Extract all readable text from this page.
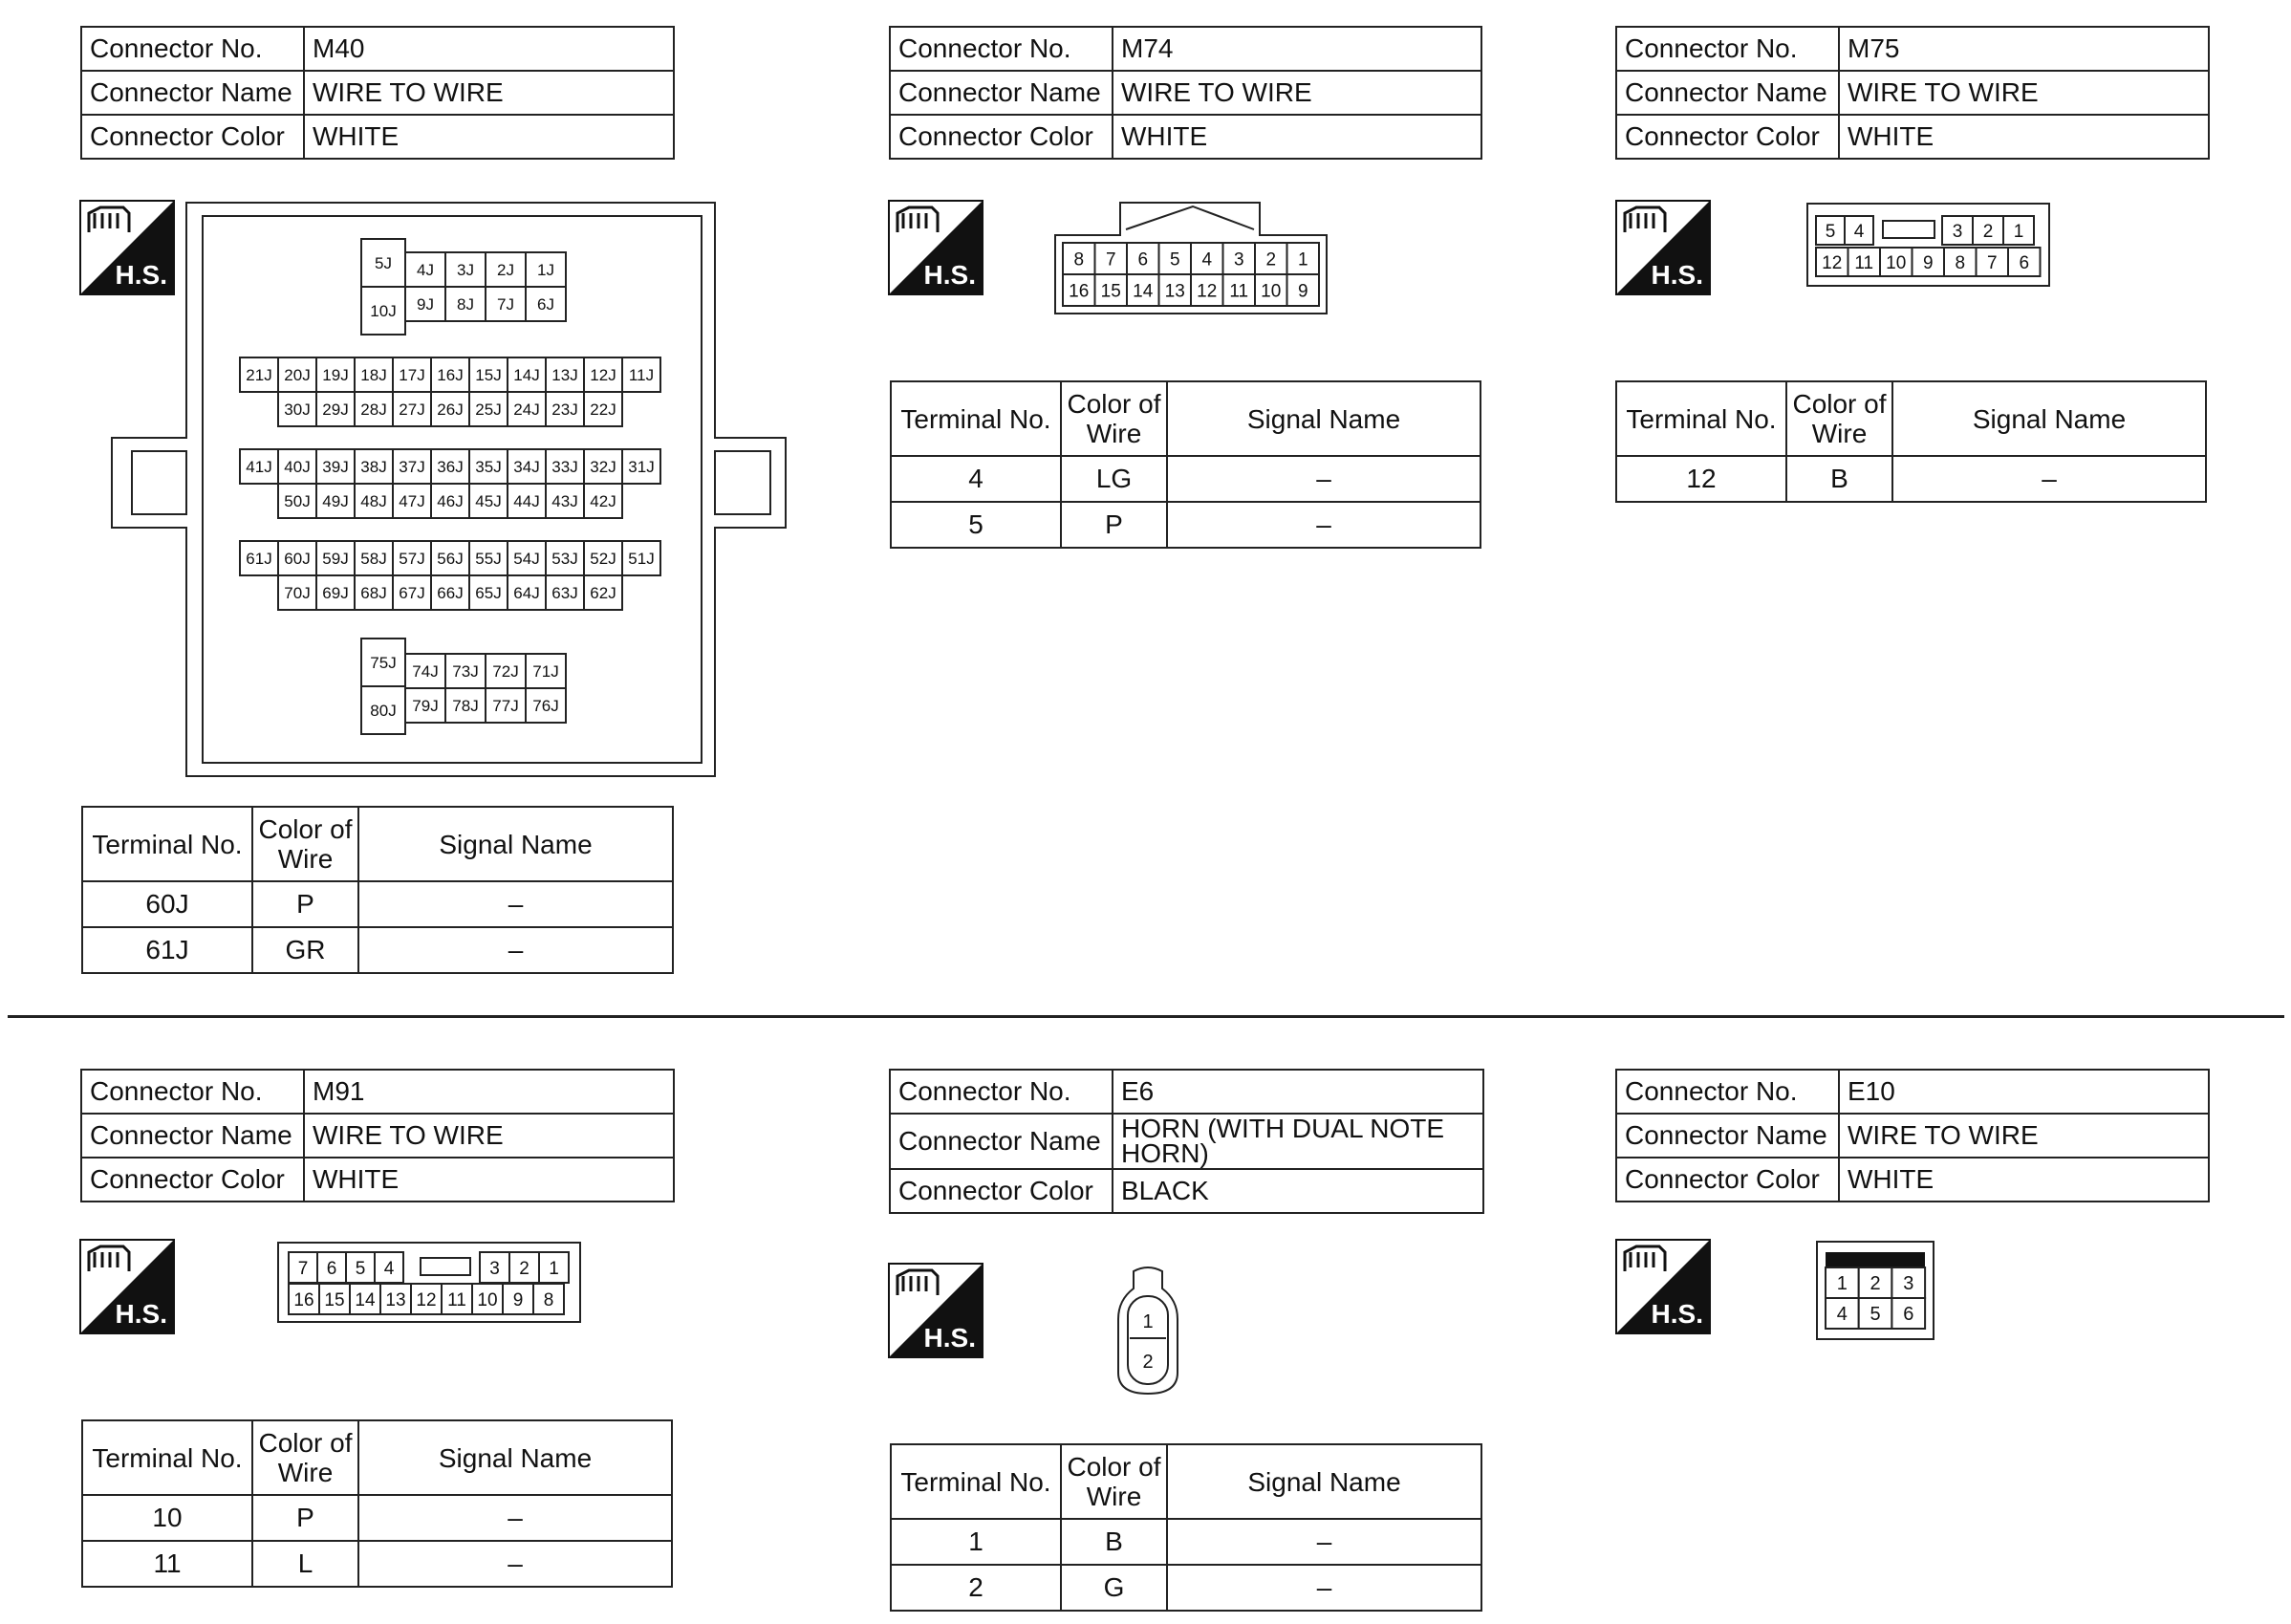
Connector No.	M40
Connector Name	WIRE TO WIRE
Connector Color	WHITE
H.S.	5J
10J
4J 3J 2J 1J
9J 8J 7J 6J
21J 20J 19J 18J 17J 16J 15J 14J 13J 12J 11J
30J 29J 28J 27J 26J 25J 24J 23J 22J
41J 40J 39J 38J 37J 36J 35J 34J 33J 32J 31J
50J 49J 48J 47J 46J 45J 44J 43J 42J
61J 60J 59J 58J 57J 56J 55J 54J 53J 52J 51J
70J 69J 68J 67J 66J 65J 64J 63J 62J
75J
80J
74J 73J 72J 71J
79J 78J 77J 76J
Terminal No.	Color of Wire	Signal Name
60J	P	–
61J	GR	–
Connector No.	M74
Connector Name	WIRE TO WIRE
Connector Color	WHITE
H.S.
8 7 6 5 4 3 2 1
16 15 14 13 12 11 10 9
Terminal No.	Color of Wire	Signal Name
4	LG	–
5	P	–
Connector No.	M75
Connector Name	WIRE TO WIRE
Connector Color	WHITE
H.S.
5 4	3 2 1
12 11 10 9 8 7 6
Terminal No.	Color of Wire	Signal Name
12	B	–
Connector No.	M91
Connector Name	WIRE TO WIRE
Connector Color	WHITE
H.S.
7 6 5 4	3 2 1
16 15 14 13 12 11 10 9 8
Terminal No.	Color of Wire	Signal Name
10	P	–
11	L	–
Connector No.	E6
Connector Name	HORN (WITH DUAL NOTE HORN)
Connector Color	BLACK
H.S.
1
2
Terminal No.	Color of Wire	Signal Name
1	B	–
2	G	–
Connector No.	E10
Connector Name	WIRE TO WIRE
Connector Color	WHITE
H.S.
1 2 3
4 5 6
